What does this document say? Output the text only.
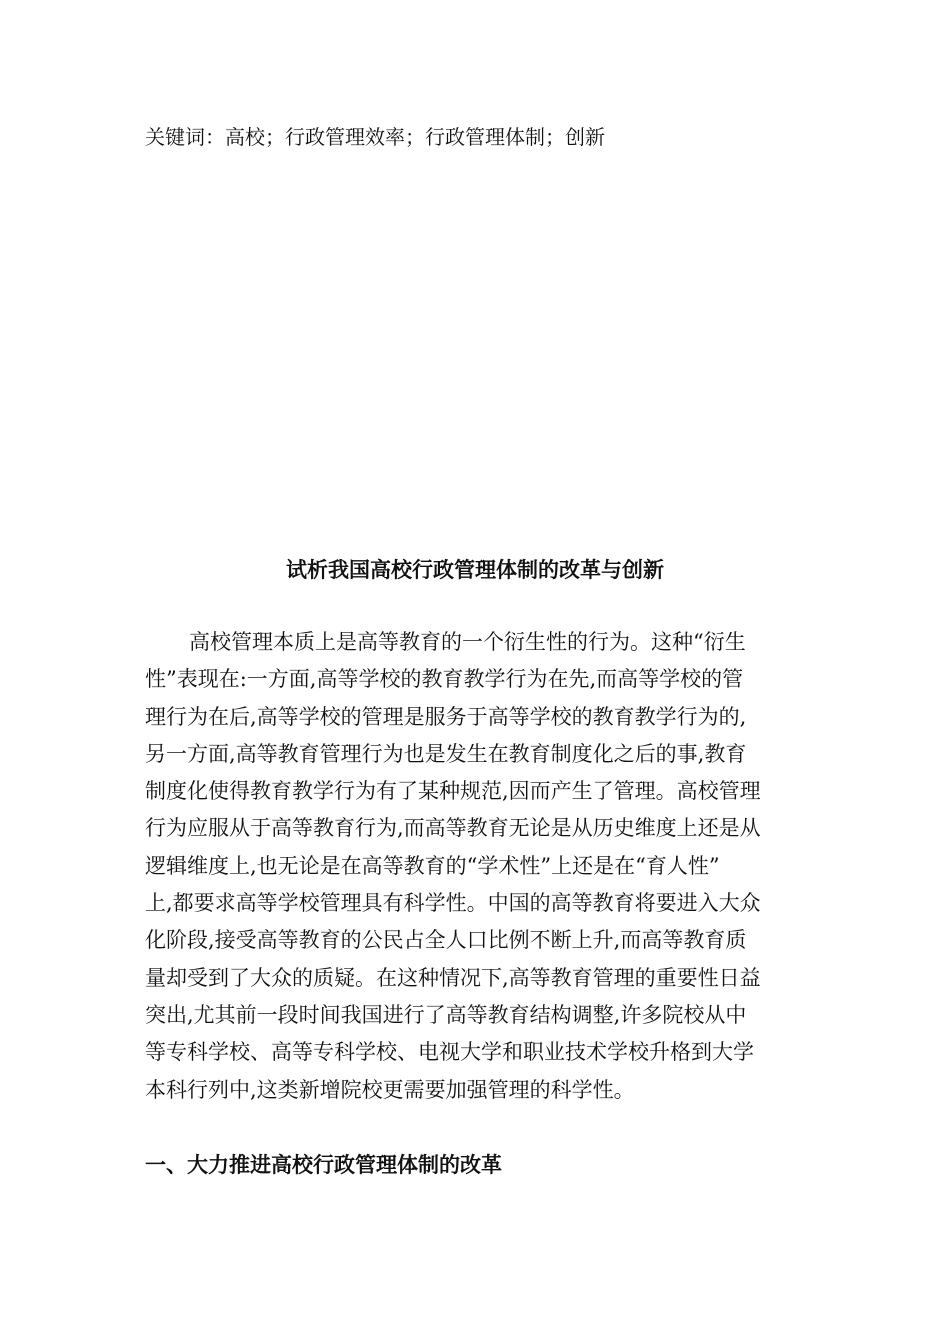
关键词：高校；行政管理效率；行政管理体制；创新
试析我国高校行政管理体制的改革与创新
高校管理本质上是高等教育的一个衍生性的行为。这种“衍生
性”表现在:一方面,高等学校的教育教学行为在先,而高等学校的管
理行为在后,高等学校的管理是服务于高等学校的教育教学行为的,
另一方面,高等教育管理行为也是发生在教育制度化之后的事,教育
制度化使得教育教学行为有了某种规范,因而产生了管理。高校管理
行为应服从于高等教育行为,而高等教育无论是从历史维度上还是从
逻辑维度上,也无论是在高等教育的“学术性”上还是在“育人性”
上,都要求高等学校管理具有科学性。中国的高等教育将要进入大众
化阶段,接受高等教育的公民占全人口比例不断上升,而高等教育质
量却受到了大众的质疑。在这种情况下,高等教育管理的重要性日益
突出,尤其前一段时间我国进行了高等教育结构调整,许多院校从中
等专科学校、高等专科学校、电视大学和职业技术学校升格到大学
本科行列中,这类新增院校更需要加强管理的科学性。
一、大力推进高校行政管理体制的改革
